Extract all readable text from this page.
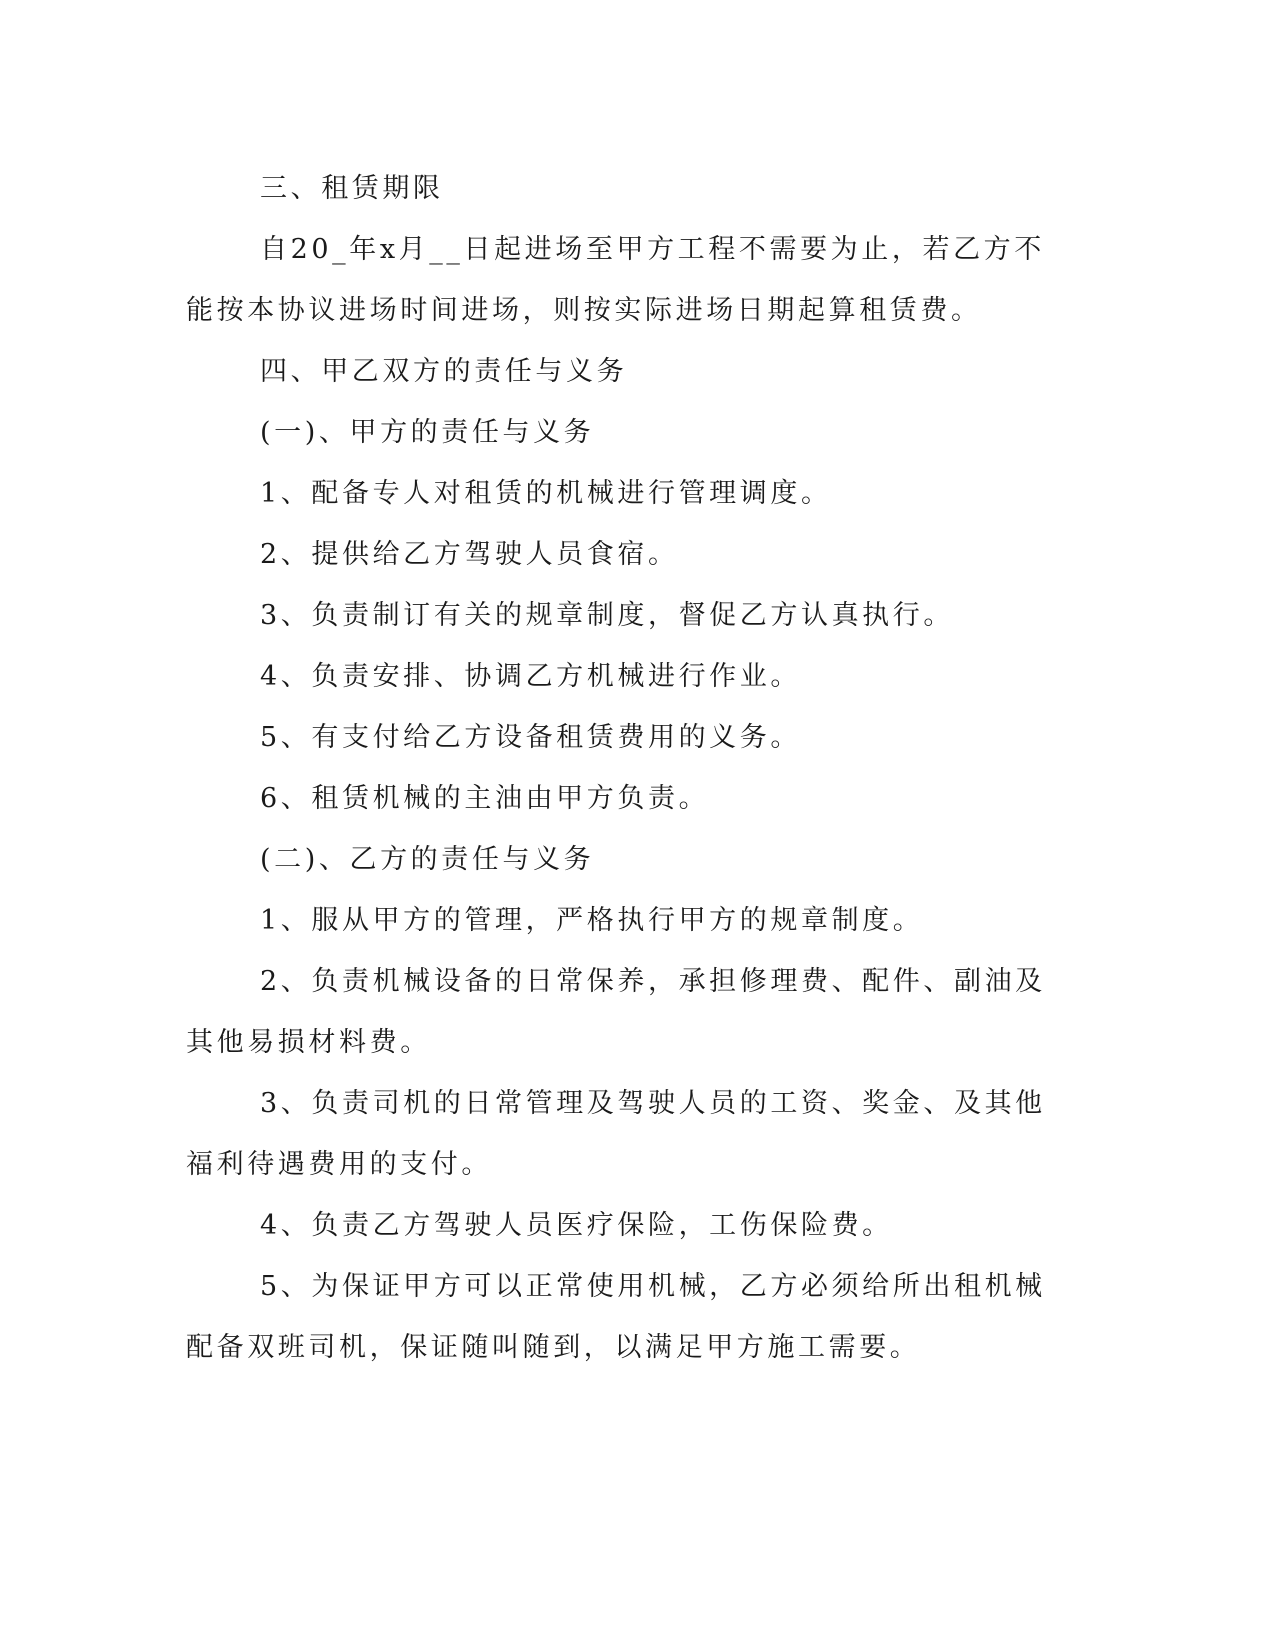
三、租赁期限

自20_年x月__日起进场至甲方工程不需要为止，若乙方不能按本协议进场时间进场，则按实际进场日期起算租赁费。

四、甲乙双方的责任与义务

(一)、甲方的责任与义务

1、配备专人对租赁的机械进行管理调度。

2、提供给乙方驾驶人员食宿。

3、负责制订有关的规章制度，督促乙方认真执行。

4、负责安排、协调乙方机械进行作业。

5、有支付给乙方设备租赁费用的义务。

6、租赁机械的主油由甲方负责。

(二)、乙方的责任与义务

1、服从甲方的管理，严格执行甲方的规章制度。

2、负责机械设备的日常保养，承担修理费、配件、副油及其他易损材料费。

3、负责司机的日常管理及驾驶人员的工资、奖金、及其他福利待遇费用的支付。

4、负责乙方驾驶人员医疗保险，工伤保险费。

5、为保证甲方可以正常使用机械，乙方必须给所出租机械配备双班司机，保证随叫随到，以满足甲方施工需要。
